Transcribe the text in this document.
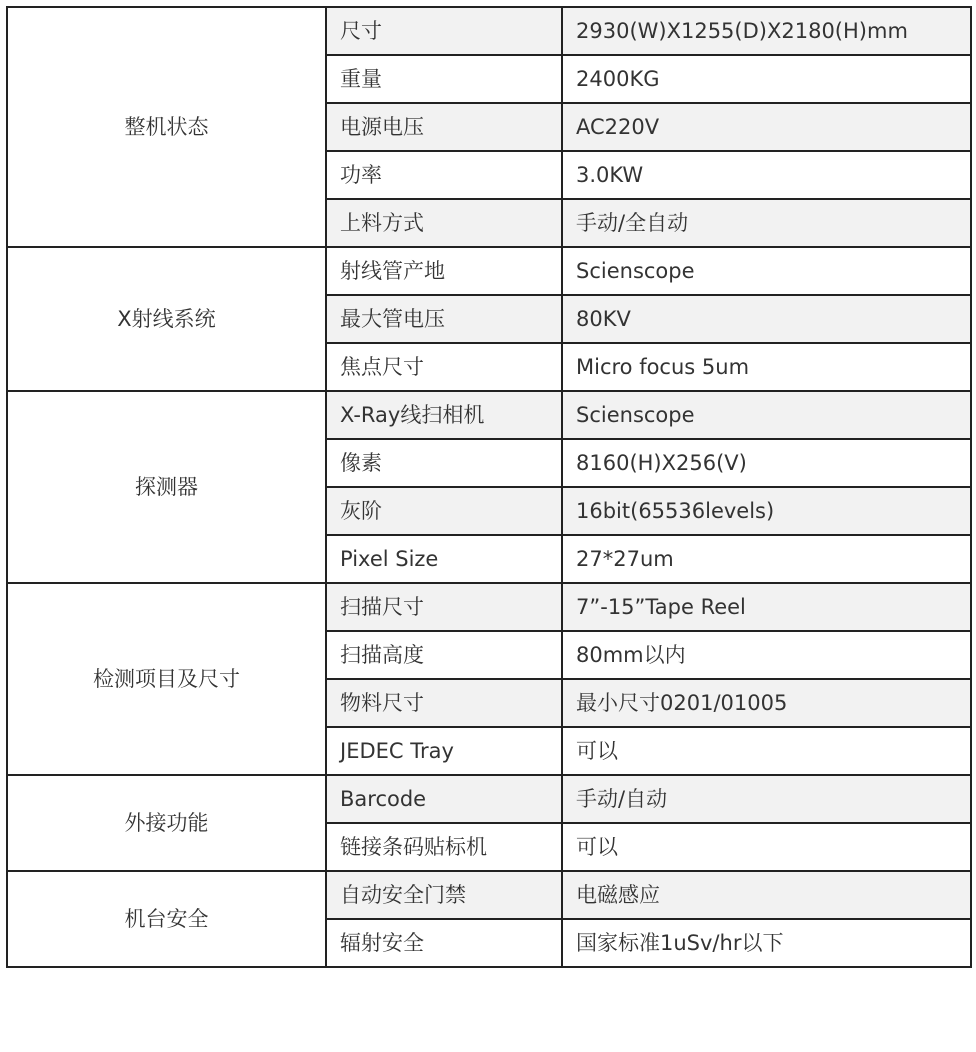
整机状态	尺寸	2930(W)X1255(D)X2180(H)mm
	重量	2400KG
	电源电压	AC220V
	功率	3.0KW
	上料方式	手动/全自动
X射线系统	射线管产地	Scienscope
	最大管电压	80KV
	焦点尺寸	Micro focus 5um
探测器	X-Ray线扫相机	Scienscope
	像素	8160(H)X256(V)
	灰阶	16bit(65536levels)
	Pixel Size	27*27um
检测项目及尺寸	扫描尺寸	7”-15”Tape Reel
	扫描高度	80mm以内
	物料尺寸	最小尺寸0201/01005
	JEDEC Tray	可以
外接功能	Barcode	手动/自动
	链接条码贴标机	可以
机台安全	自动安全门禁	电磁感应
	辐射安全	国家标准1uSv/hr以下
